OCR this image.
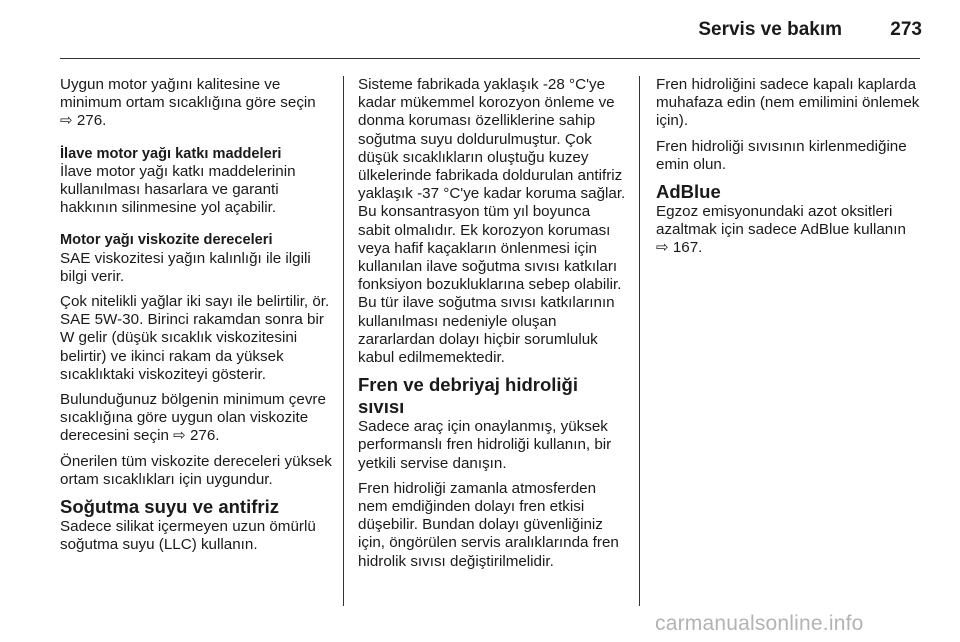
Servis ve bakım	273

Uygun motor yağını kalitesine ve minimum ortam sıcaklığına göre seçin ⇨ 276.

İlave motor yağı katkı maddeleri
İlave motor yağı katkı maddelerinin kullanılması hasarlara ve garanti hakkının silinmesine yol açabilir.

Motor yağı viskozite dereceleri
SAE viskozitesi yağın kalınlığı ile ilgili bilgi verir.

Çok nitelikli yağlar iki sayı ile belirtilir, ör. SAE 5W-30. Birinci rakamdan sonra bir W gelir (düşük sıcaklık viskozitesini belirtir) ve ikinci rakam da yüksek sıcaklıktaki viskoziteyi gösterir.

Bulunduğunuz bölgenin minimum çevre sıcaklığına göre uygun olan viskozite derecesini seçin ⇨ 276.

Önerilen tüm viskozite dereceleri yüksek ortam sıcaklıkları için uygundur.

Soğutma suyu ve antifriz

Sadece silikat içermeyen uzun ömürlü soğutma suyu (LLC) kullanın.

Sisteme fabrikada yaklaşık -28 °C'ye kadar mükemmel korozyon önleme ve donma koruması özelliklerine sahip soğutma suyu doldurulmuştur. Çok düşük sıcaklıkların oluştuğu kuzey ülkelerinde fabrikada doldurulan antifriz yaklaşık -37 °C'ye kadar koruma sağlar. Bu konsantrasyon tüm yıl boyunca sabit olmalıdır. Ek korozyon koruması veya hafif kaçakların önlenmesi için kullanılan ilave soğutma sıvısı katkıları fonksiyon bozukluklarına sebep olabilir. Bu tür ilave soğutma sıvısı katkılarının kullanılması nedeniyle oluşan zararlardan dolayı hiçbir sorumluluk kabul edilmemektedir.

Fren ve debriyaj hidroliği sıvısı

Sadece araç için onaylanmış, yüksek performanslı fren hidroliği kullanın, bir yetkili servise danışın.

Fren hidroliği zamanla atmosferden nem emdiğinden dolayı fren etkisi düşebilir. Bundan dolayı güvenliğiniz için, öngörülen servis aralıklarında fren hidrolik sıvısı değiştirilmelidir.

Fren hidroliğini sadece kapalı kaplarda muhafaza edin (nem emilimini önlemek için).

Fren hidroliği sıvısının kirlenmediğine emin olun.

AdBlue

Egzoz emisyonundaki azot oksitleri azaltmak için sadece AdBlue kullanın ⇨ 167.

carmanualsonline.info
